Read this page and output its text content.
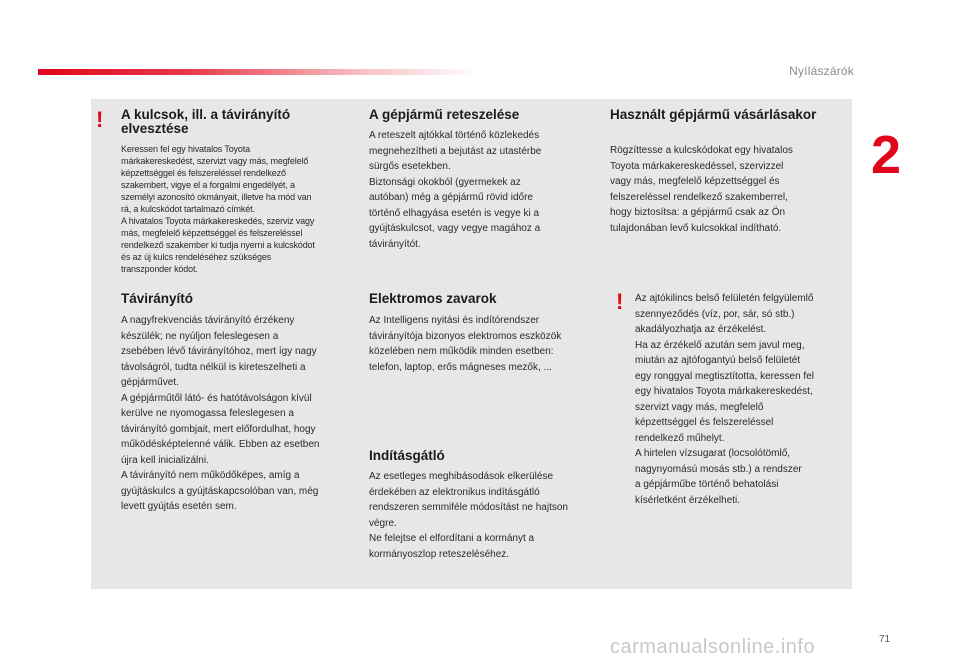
Nyílászárók
2
! A kulcsok, ill. a távirányító elvesztése
Keressen fel egy hivatalos Toyota
márkakereskedést, szervizt vagy más, megfelelő
képzettséggel és felszereléssel rendelkező
szakembert, vigye el a forgalmi engedélyét, a
személyi azonosító okmányait, illetve ha mód van
rá, a kulcskódot tartalmazó címkét.
A hivatalos Toyota márkakereskedés, szerviz vagy
más, megfelelő képzettséggel és felszereléssel
rendelkező szakember ki tudja nyerni a kulcskódot
és az új kulcs rendeléséhez szükséges
transzponder kódot.
Távirányító
A nagyfrekvenciás távirányító érzékeny
készülék; ne nyúljon feleslegesen a
zsebében lévő távirányítóhoz, mert így nagy
távolságról, tudta nélkül is kireteszelheti a
gépjárművet.
A gépjárműtől látó- és hatótávolságon kívül
kerülve ne nyomogassa feleslegesen a
távirányító gombjait, mert előfordulhat, hogy
működésképtelenné válik. Ebben az esetben
újra kell inicializálni.
A távirányító nem működőképes, amíg a
gyújtáskulcs a gyújtáskapcsolóban van, még
levett gyújtás esetén sem.
A gépjármű reteszelése
A reteszelt ajtókkal történő közlekedés
megnehezítheti a bejutást az utastérbe
sürgős esetekben.
Biztonsági okokból (gyermekek az
autóban) még a gépjármű rövid időre
történő elhagyása esetén is vegye ki a
gyújtáskulcsot, vagy vegye magához a
távirányítót.
Elektromos zavarok
Az Intelligens nyitási és indítórendszer
távirányítója bizonyos elektromos eszközök
közelében nem működik minden esetben:
telefon, laptop, erős mágneses mezők, ...
Indításgátló
Az esetleges meghibásodások elkerülése
érdekében az elektronikus indításgátló
rendszeren semmiféle módosítást ne hajtson
végre.
Ne felejtse el elfordítani a kormányt a
kormányoszlop reteszeléséhez.
Használt gépjármű vásárlásakor
Rögzíttesse a kulcskódokat egy hivatalos
Toyota márkakereskedéssel, szervizzel
vagy más, megfelelő képzettséggel és
felszereléssel rendelkező szakemberrel,
hogy biztosítsa: a gépjármű csak az Ön
tulajdonában levő kulcsokkal indítható.
! Az ajtókilincs belső felületén felgyülemlő
szennyeződés (víz, por, sár, só stb.)
akadályozhatja az érzékelést.
Ha az érzékelő azután sem javul meg,
miután az ajtófogantyú belső felületét
egy ronggyal megtisztította, keressen fel
egy hivatalos Toyota márkakereskedést,
szervizt vagy más, megfelelő
képzettséggel és felszereléssel
rendelkező műhelyt.
A hirtelen vízsugarat (locsolótömlő,
nagynyomású mosás stb.) a rendszer
a gépjárműbe történő behatolási
kísérletként érzékelheti.
71
carmanualsonline.info
